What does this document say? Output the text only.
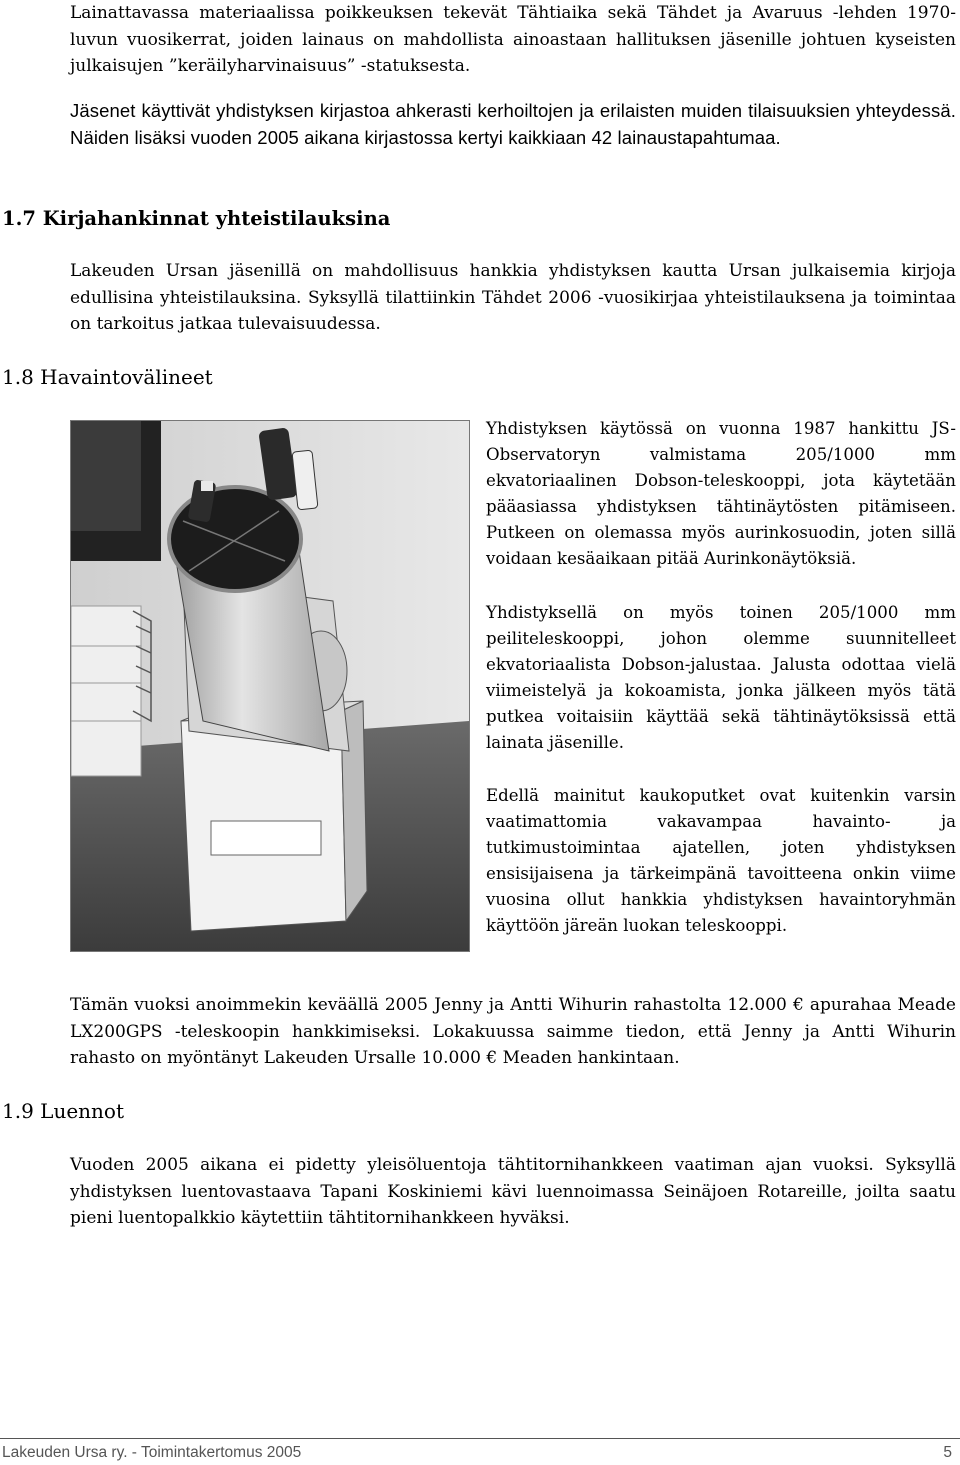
Lainattavassa materiaalissa poikkeuksen tekevät Tähtiaika sekä Tähdet ja Avaruus -lehden 1970-luvun vuosikerrat, joiden lainaus on mahdollista ainoastaan hallituksen jäsenille johtuen kyseisten julkaisujen ”keräilyharvinaisuus” -statuksesta.

Jäsenet käyttivät yhdistyksen kirjastoa ahkerasti kerhoiltojen ja erilaisten muiden tilaisuuksien yhteydessä. Näiden lisäksi vuoden 2005 aikana kirjastossa kertyi kaikkiaan 42 lainaustapahtumaa.

1.7 Kirjahankinnat yhteistilauksina

Lakeuden Ursan jäsenillä on mahdollisuus hankkia yhdistyksen kautta Ursan julkaisemia kirjoja edullisina yhteistilauksina. Syksyllä tilattiinkin Tähdet 2006 -vuosikirjaa yhteistilauksena ja toimintaa on tarkoitus jatkaa tulevaisuudessa.

1.8 Havaintovälineet

Yhdistyksen käytössä on vuonna 1987 hankittu JS-Observatoryn valmistama 205/1000 mm ekvatoriaalinen Dobson-teleskooppi, jota käytetään pääasiassa yhdistyksen tähtinäytösten pitämiseen. Putkeen on olemassa myös aurinkosuodin, joten sillä voidaan kesäaikaan pitää Aurinkonäytöksiä.

Yhdistyksellä on myös toinen 205/1000 mm peiliteleskooppi, johon olemme suunnitelleet ekvatoriaalista Dobson-jalustaa. Jalusta odottaa vielä viimeistelyä ja kokoamista, jonka jälkeen myös tätä putkea voitaisiin käyttää sekä tähtinäytöksissä että lainata jäsenille.

Edellä mainitut kaukoputket ovat kuitenkin varsin vaatimattomia vakavampaa havainto- ja tutkimustoimintaa ajatellen, joten yhdistyksen ensisijaisena ja tärkeimpänä tavoitteena onkin viime vuosina ollut hankkia yhdistyksen havaintoryhmän käyttöön järeän luokan teleskooppi.

Tämän vuoksi anoimmekin keväällä 2005 Jenny ja Antti Wihurin rahastolta 12.000 € apurahaa Meade LX200GPS -teleskoopin hankkimiseksi. Lokakuussa saimme tiedon, että Jenny ja Antti Wihurin rahasto on myöntänyt Lakeuden Ursalle 10.000 € Meaden hankintaan.

1.9 Luennot

Vuoden 2005 aikana ei pidetty yleisöluentoja tähtitornihankkeen vaatiman ajan vuoksi. Syksyllä yhdistyksen luentovastaava Tapani Koskiniemi kävi luennoimassa Seinäjoen Rotareille, joilta saatu pieni luentopalkkio käytettiin tähtitornihankkeen hyväksi.

Lakeuden Ursa ry. - Toimintakertomus 2005	5
